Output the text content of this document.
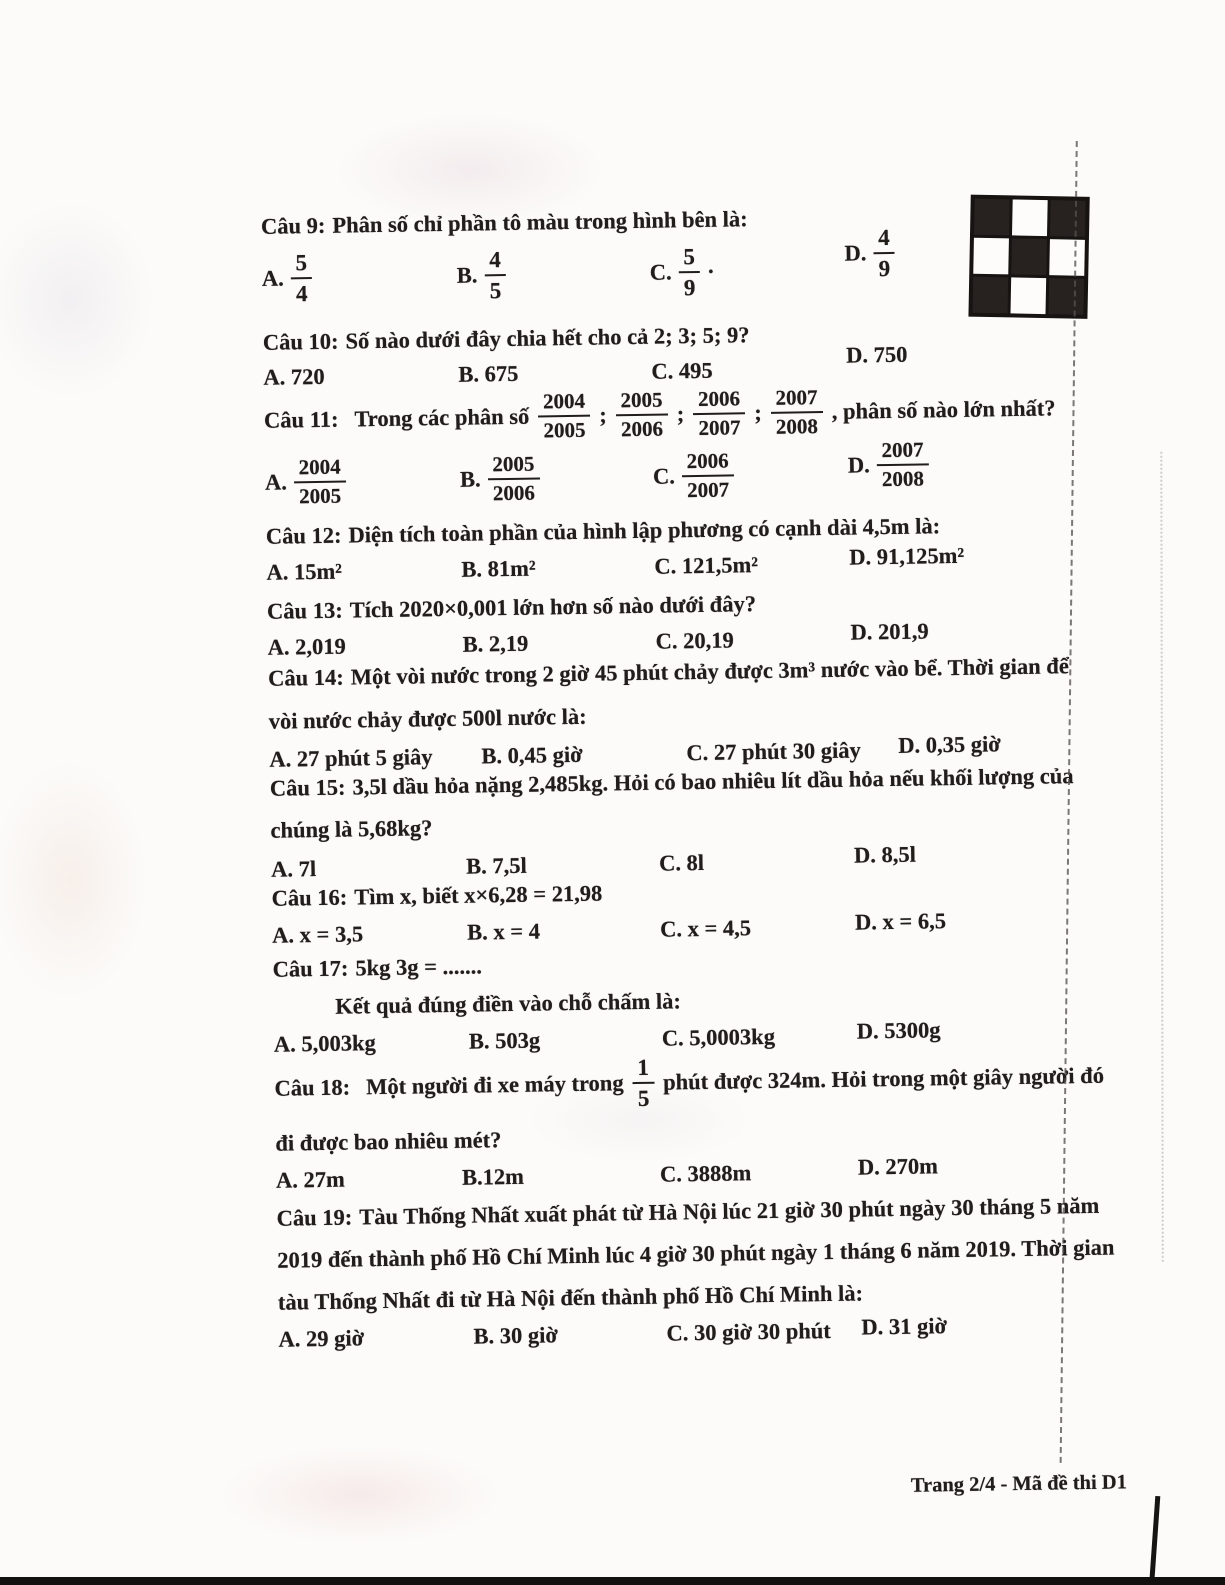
Câu 9: Phân số chỉ phần tô màu trong hình bên là:
A. $\frac{5}{4}$	B. $\frac{4}{5}$	C. $\frac{5}{9}$ ·
D. $\frac{4}{9}$
Câu 10: Số nào dưới đây chia hết cho cả 2; 3; 5; 9?
A. 720	B. 675	C. 495
D. 750
Câu 11: Trong các phân số $\frac{2004}{2005}$ ; $\frac{2005}{2006}$ ; $\frac{2006}{2007}$ ; $\frac{2007}{2008}$ , phân số nào lớn nhất?
A. $\frac{2004}{2005}$	B. $\frac{2005}{2006}$	C. $\frac{2006}{2007}$	D. $\frac{2007}{2008}$
Câu 12: Diện tích toàn phần của hình lập phương có cạnh dài 4,5m là:
A. 15m²	B. 81m²	C. 121,5m²	D. 91,125m²
Câu 13: Tích 2020×0,001 lớn hơn số nào dưới đây?
A. 2,019	B. 2,19	C. 20,19	D. 201,9
Câu 14: Một vòi nước trong 2 giờ 45 phút chảy được 3m³ nước vào bể. Thời gian để
vòi nước chảy được 500l nước là:
A. 27 phút 5 giây	B. 0,45 giờ	C. 27 phút 30 giây	D. 0,35 giờ
Câu 15: 3,5l dầu hỏa nặng 2,485kg. Hỏi có bao nhiêu lít dầu hỏa nếu khối lượng của
chúng là 5,68kg?
A. 7l	B. 7,5l	C. 8l	D. 8,5l
Câu 16: Tìm x, biết x×6,28 = 21,98
A. x = 3,5	B. x = 4	C. x = 4,5	D. x = 6,5
Câu 17: 5kg 3g = .......
Kết quả đúng điền vào chỗ chấm là:
A. 5,003kg	B. 503g	C. 5,0003kg	D. 5300g
Câu 18: Một người đi xe máy trong $\frac{1}{5}$ phút được 324m. Hỏi trong một giây người đó
đi được bao nhiêu mét?
A. 27m	B.12m	C. 3888m	D. 270m
Câu 19: Tàu Thống Nhất xuất phát từ Hà Nội lúc 21 giờ 30 phút ngày 30 tháng 5 năm
2019 đến thành phố Hồ Chí Minh lúc 4 giờ 30 phút ngày 1 tháng 6 năm 2019. Thời gian
tàu Thống Nhất đi từ Hà Nội đến thành phố Hồ Chí Minh là:
A. 29 giờ	B. 30 giờ	C. 30 giờ 30 phút	D. 31 giờ
Trang 2/4 - Mã đề thi D1
